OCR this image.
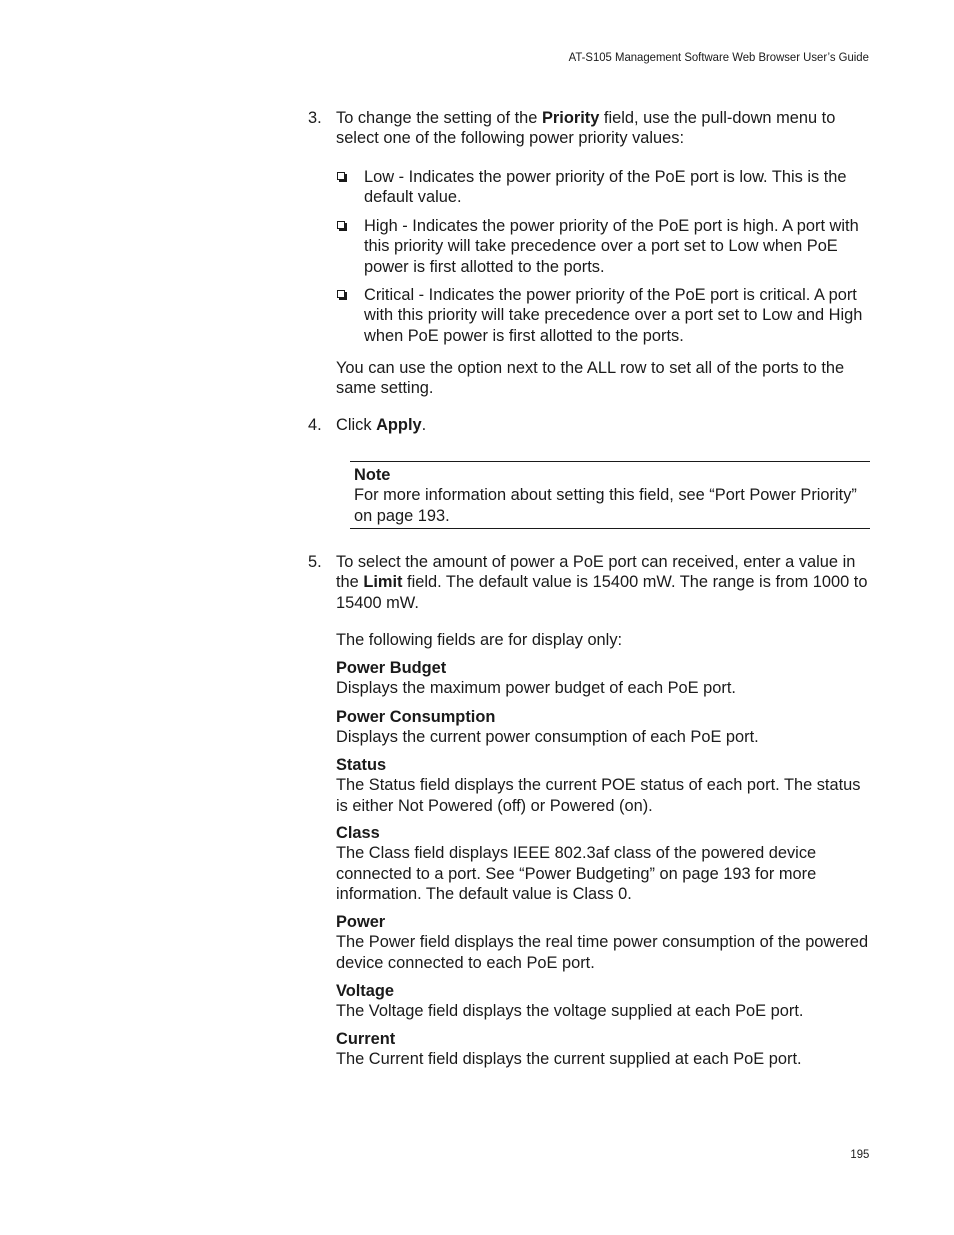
AT-S105 Management Software Web Browser User’s Guide
3. To change the setting of the Priority field, use the pull-down menu to select one of the following power priority values:
Low - Indicates the power priority of the PoE port is low. This is the default value.
High - Indicates the power priority of the PoE port is high. A port with this priority will take precedence over a port set to Low when PoE power is first allotted to the ports.
Critical - Indicates the power priority of the PoE port is critical. A port with this priority will take precedence over a port set to Low and High when PoE power is first allotted to the ports.
You can use the option next to the ALL row to set all of the ports to the same setting.
4. Click Apply.
Note
For more information about setting this field, see “Port Power Priority” on page 193.
5. To select the amount of power a PoE port can received, enter a value in the Limit field. The default value is 15400 mW. The range is from 1000 to 15400 mW.
The following fields are for display only:
Power Budget
Displays the maximum power budget of each PoE port.
Power Consumption
Displays the current power consumption of each PoE port.
Status
The Status field displays the current POE status of each port. The status is either Not Powered (off) or Powered (on).
Class
The Class field displays IEEE 802.3af class of the powered device connected to a port. See “Power Budgeting” on page 193 for more information. The default value is Class 0.
Power
The Power field displays the real time power consumption of the powered device connected to each PoE port.
Voltage
The Voltage field displays the voltage supplied at each PoE port.
Current
The Current field displays the current supplied at each PoE port.
195
